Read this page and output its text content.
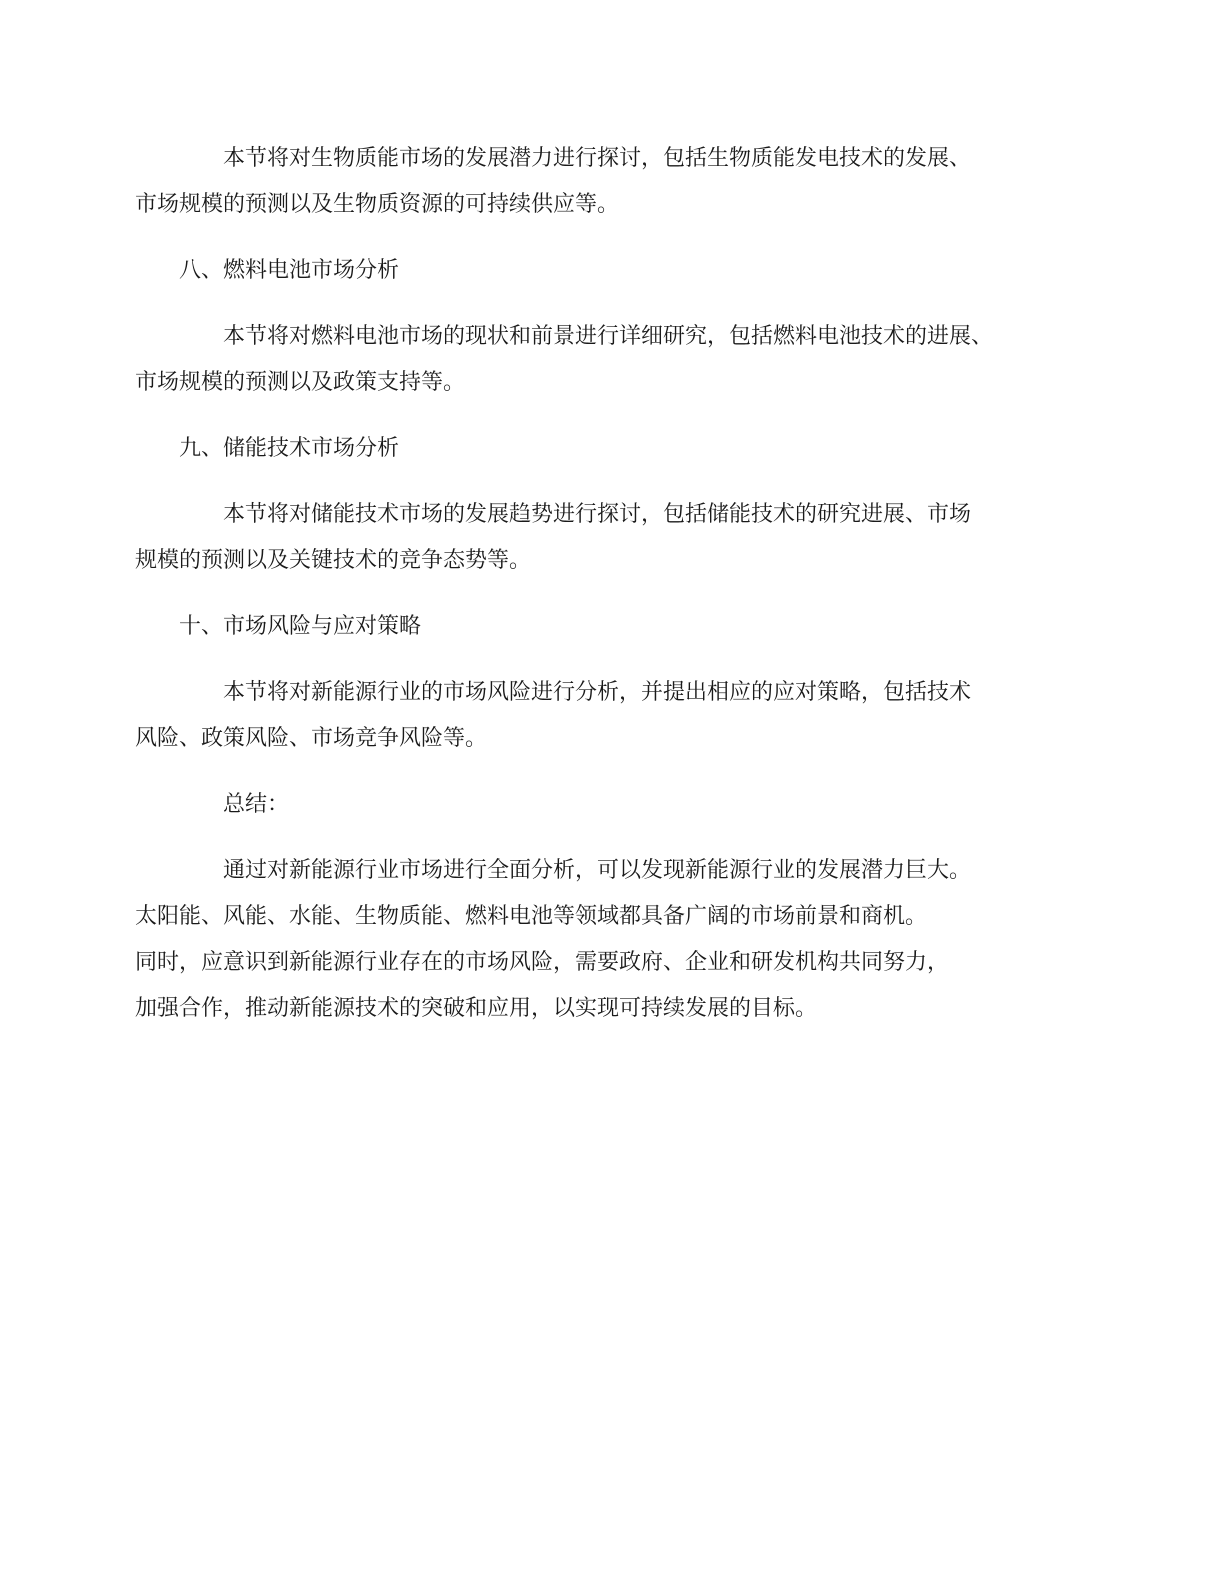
本节将对生物质能市场的发展潜力进行探讨，包括生物质能发电技术的发展、
市场规模的预测以及生物质资源的可持续供应等。

八、燃料电池市场分析

本节将对燃料电池市场的现状和前景进行详细研究，包括燃料电池技术的进展、
市场规模的预测以及政策支持等。

九、储能技术市场分析

本节将对储能技术市场的发展趋势进行探讨，包括储能技术的研究进展、市场
规模的预测以及关键技术的竞争态势等。

十、市场风险与应对策略

本节将对新能源行业的市场风险进行分析，并提出相应的应对策略，包括技术
风险、政策风险、市场竞争风险等。

总结：

通过对新能源行业市场进行全面分析，可以发现新能源行业的发展潜力巨大。
太阳能、风能、水能、生物质能、燃料电池等领域都具备广阔的市场前景和商机。
同时，应意识到新能源行业存在的市场风险，需要政府、企业和研发机构共同努力，
加强合作，推动新能源技术的突破和应用，以实现可持续发展的目标。
